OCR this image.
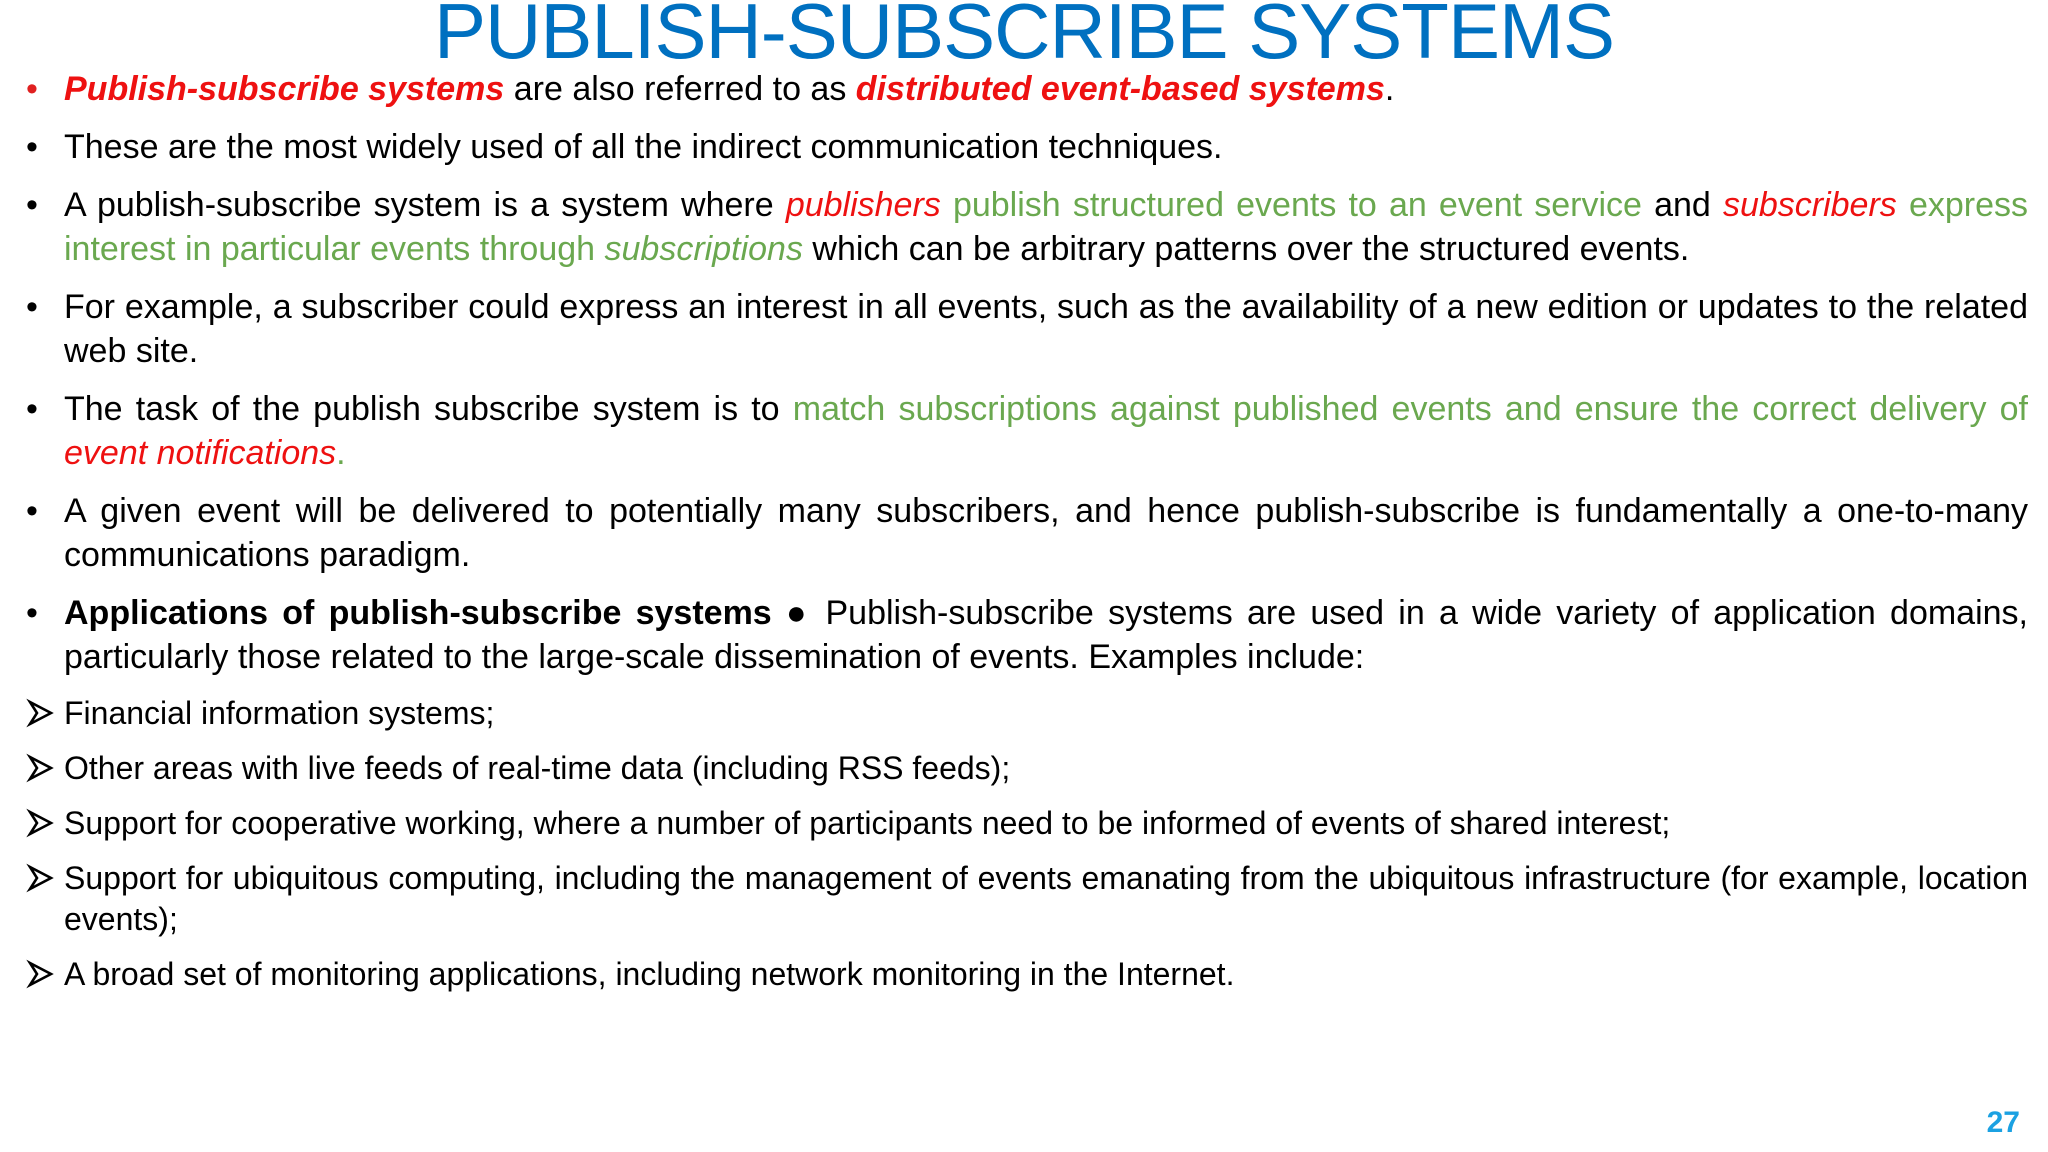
PUBLISH-SUBSCRIBE SYSTEMS
• Publish-subscribe systems are also referred to as distributed event-based systems.
• These are the most widely used of all the indirect communication techniques.
• A publish-subscribe system is a system where publishers publish structured events to an event service and subscribers express interest in particular events through subscriptions which can be arbitrary patterns over the structured events.
• For example, a subscriber could express an interest in all events, such as the availability of a new edition or updates to the related web site.
• The task of the publish subscribe system is to match subscriptions against published events and ensure the correct delivery of event notifications.
• A given event will be delivered to potentially many subscribers, and hence publish-subscribe is fundamentally a one-to-many communications paradigm.
• Applications of publish-subscribe systems ● Publish-subscribe systems are used in a wide variety of application domains, particularly those related to the large-scale dissemination of events. Examples include:
Financial information systems;
Other areas with live feeds of real-time data (including RSS feeds);
Support for cooperative working, where a number of participants need to be informed of events of shared interest;
Support for ubiquitous computing, including the management of events emanating from the ubiquitous infrastructure (for example, location events);
A broad set of monitoring applications, including network monitoring in the Internet.
27
